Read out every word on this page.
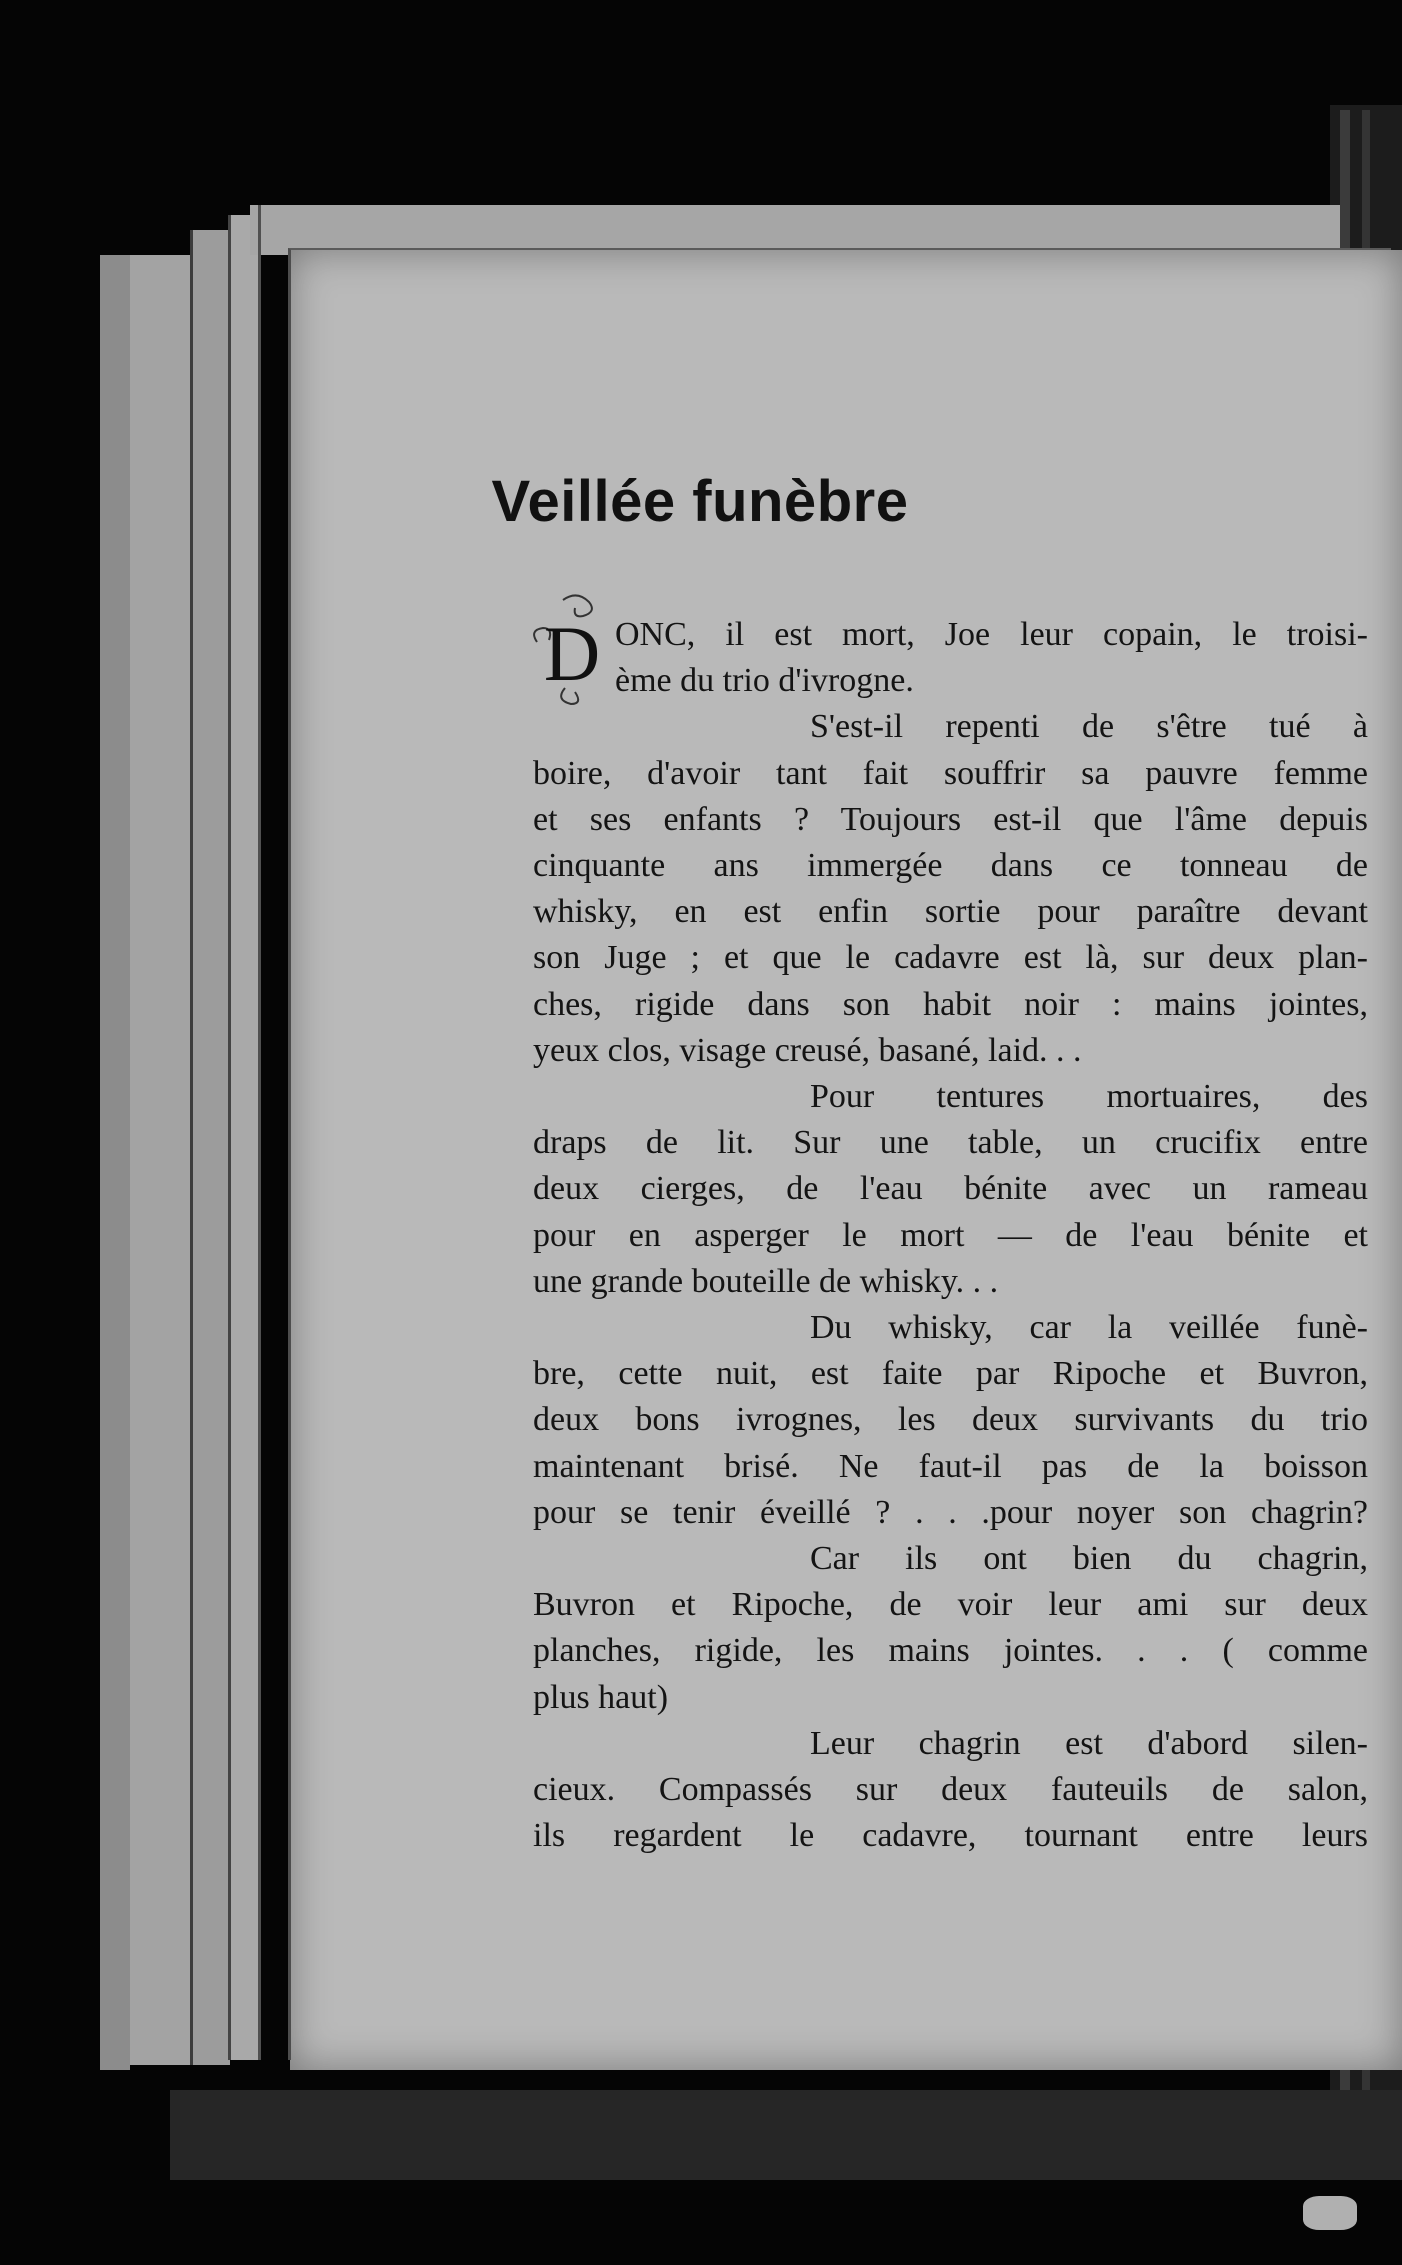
Veillée funèbre
D ONC, il est mort, Joe leur copain, le troisi-
ème du trio d'ivrogne.
S'est-il repenti de s'être tué à
boire, d'avoir tant fait souffrir sa pauvre femme
et ses enfants ? Toujours est-il que l'âme depuis
cinquante ans immergée dans ce tonneau de
whisky, en est enfin sortie pour paraître devant
son Juge ; et que le cadavre est là, sur deux plan-
ches, rigide dans son habit noir : mains jointes,
yeux clos, visage creusé, basané, laid. . .
Pour tentures mortuaires, des
draps de lit. Sur une table, un crucifix entre
deux cierges, de l'eau bénite avec un rameau
pour en asperger le mort — de l'eau bénite et
une grande bouteille de whisky. . .
Du whisky, car la veillée funè-
bre, cette nuit, est faite par Ripoche et Buvron,
deux bons ivrognes, les deux survivants du trio
maintenant brisé. Ne faut-il pas de la boisson
pour se tenir éveillé ? . . .pour noyer son chagrin?
Car ils ont bien du chagrin,
Buvron et Ripoche, de voir leur ami sur deux
planches, rigide, les mains jointes. . . ( comme
plus haut)
Leur chagrin est d'abord silen-
cieux. Compassés sur deux fauteuils de salon,
ils regardent le cadavre, tournant entre leurs
